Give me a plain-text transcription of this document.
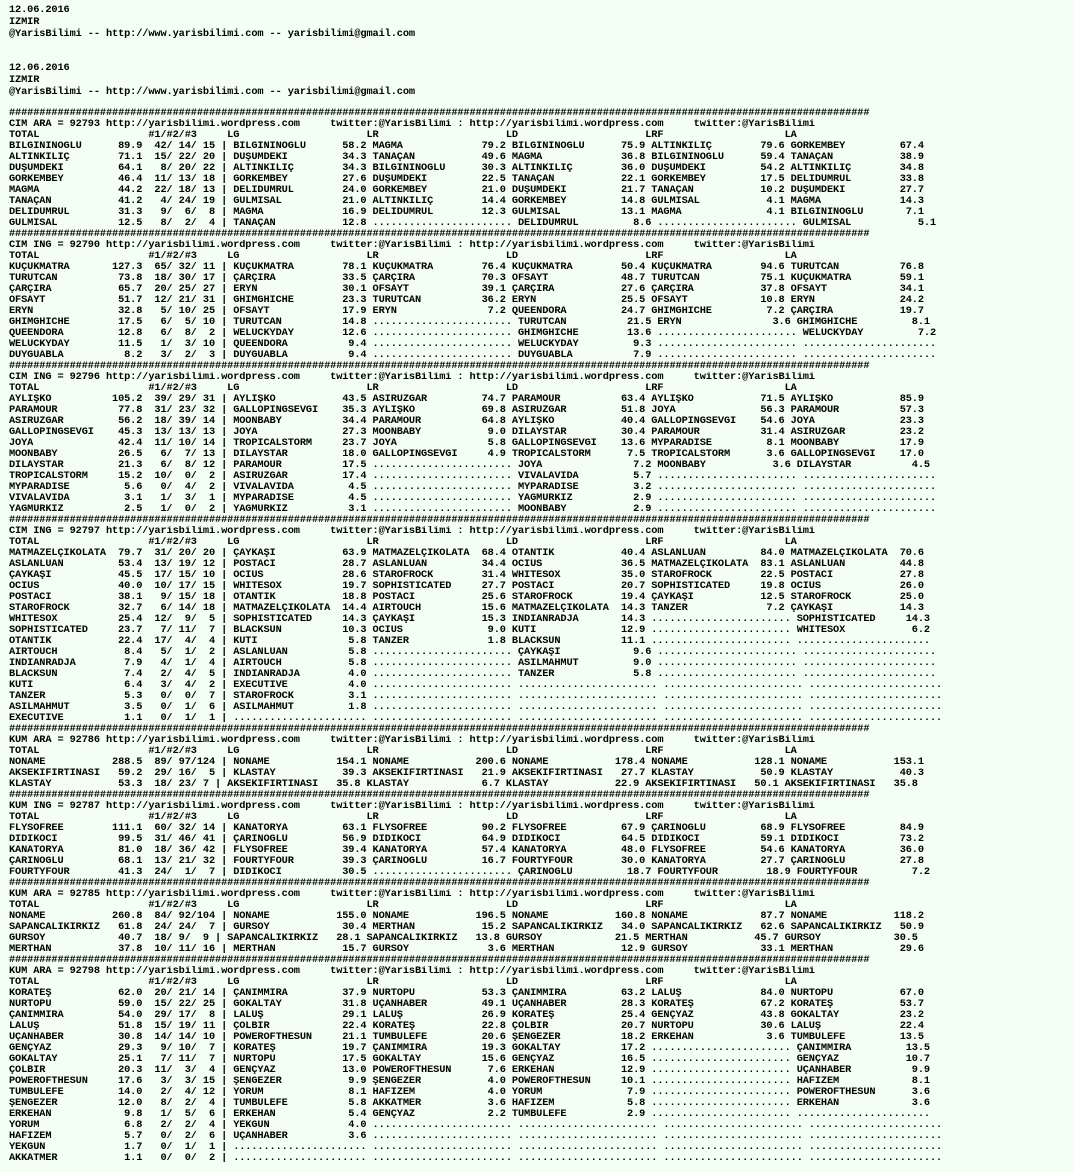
12.06.2016
IZMIR
@YarisBilimi -- http://www.yarisbilimi.com -- yarisbilimi@gmail.com
12.06.2016
IZMIR
@YarisBilimi -- http://www.yarisbilimi.com -- yarisbilimi@gmail.com
##############################################################################################################################################
CIM ARA = 92793 http://yarisbilimi.wordpress.com     twitter:@YarisBilimi : http://yarisbilimi.wordpress.com     twitter:@YarisBilimi
TOTAL                  #1/#2/#3     LG                     LR                     LD                     LRF                    LA
BILGININOĞLU      89.9  42/ 14/ 15 | BILGININOĞLU      58.2 MAGMA             79.2 BILGININOĞLU      75.9 ALTINKILIÇ        79.6 GÖRKEMBEY         67.4
ALTINKILIÇ        71.1  15/ 22/ 20 | DÜŞÜMDEKİ         34.3 TANAÇAN           49.6 MAGMA             36.8 BILGININOĞLU      59.4 TANAÇAN           38.9
DÜŞÜMDEKİ         64.1   8/ 20/ 22 | ALTINKILIÇ        34.3 BILGININOĞLU      30.3 ALTINKILIÇ        36.0 DÜŞÜMDEKİ         54.2 ALTINKILIÇ        34.8
GÖRKEMBEY         46.4  11/ 13/ 18 | GÖRKEMBEY         27.6 DÜŞÜMDEKİ         22.5 TANAÇAN           22.1 GÖRKEMBEY         17.5 DELİDUMRUL        33.8
MAGMA             44.2  22/ 18/ 13 | DELİDUMRUL        24.0 GÖRKEMBEY         21.0 DÜŞÜMDEKİ         21.7 TANAÇAN           10.2 DÜŞÜMDEKİ         27.7
TANAÇAN           41.2   4/ 24/ 19 | GÜLMİSAL          21.0 ALTINKILIÇ        14.4 GÖRKEMBEY         14.8 GÜLMİSAL           4.1 MAGMA             14.3
DELİDUMRUL        31.3   9/  6/  8 | MAGMA             16.9 DELİDUMRUL        12.3 GÜLMİSAL          13.1 MAGMA              4.1 BILGININOĞLU       7.1
GÜLMİSAL          12.5   8/  2/  4 | TANAÇAN           12.8 ....................... DELİDUMRUL         8.6 ....................... GÜLMİSAL           5.1
##############################################################################################################################################
CIM ING = 92790 http://yarisbilimi.wordpress.com     twitter:@YarisBilimi : http://yarisbilimi.wordpress.com     twitter:@YarisBilimi
TOTAL                  #1/#2/#3     LG                     LR                     LD                     LRF                    LA
KÜÇÜKMATRA       127.3  65/ 32/ 11 | KÜÇÜKMATRA        78.1 KÜÇÜKMATRA        76.4 KÜÇÜKMATRA        50.4 KÜÇÜKMATRA        94.6 TÜRÜTCAN          76.8
TÜRÜTCAN          73.8  18/ 30/ 17 | ÇARÇIRA           33.5 ÇARÇIRA           70.3 OFSAYT            48.7 TÜRÜTCAN          75.1 KÜÇÜKMATRA        59.1
ÇARÇIRA           65.7  20/ 25/ 27 | ERYN              30.1 OFSAYT            39.1 ÇARÇIRA           27.6 ÇARÇIRA           37.8 OFSAYT            34.1
OFSAYT            51.7  12/ 21/ 31 | GHIMGHICHE        23.3 TÜRÜTCAN          36.2 ERYN              25.5 OFSAYT            10.8 ERYN              24.2
ERYN              32.8   5/ 10/ 25 | OFSAYT            17.9 ERYN               7.2 QUEENDORA         24.7 GHIMGHICHE         7.2 ÇARÇIRA           19.7
GHIMGHICHE        17.5   6/  5/ 10 | TÜRÜTCAN          14.8 ....................... TÜRÜTCAN          21.5 ERYN               3.6 GHIMGHICHE         8.1
QUEENDORA         12.8   6/  8/  2 | WELUCKYDAY        12.6 ....................... GHIMGHICHE        13.6 ....................... WELUCKYDAY         7.2
WELUCKYDAY        11.5   1/  3/ 10 | QUEENDORA          9.4 ....................... WELUCKYDAY         9.3 ....................... ......................
DUYGUABLA          8.2   3/  2/  3 | DUYGUABLA          9.4 ....................... DUYGUABLA          7.9 ....................... ......................
##############################################################################################################################################
CIM ING = 92796 http://yarisbilimi.wordpress.com     twitter:@YarisBilimi : http://yarisbilimi.wordpress.com     twitter:@YarisBilimi
TOTAL                  #1/#2/#3     LG                     LR                     LD                     LRF                    LA
AYLİŞKO          105.2  39/ 29/ 31 | AYLİŞKO           43.5 ASIRÜZGAR         74.7 PARAMOUR          63.4 AYLİŞKO           71.5 AYLİŞKO           85.9
PARAMOUR          77.8  31/ 23/ 32 | GALLOPINGSEVGI    35.3 AYLİŞKO           69.8 ASIRÜZGAR         51.8 JOYA              56.3 PARAMOUR          57.3
ASIRÜZGAR         56.2  18/ 39/ 14 | MOONBABY          34.4 PARAMOUR          64.8 AYLİŞKO           40.4 GALLOPINGSEVGI    54.6 JOYA              23.3
GALLOPINGSEVGI    45.3  13/ 13/ 13 | JOYA              27.3 MOONBABY           9.0 DILAYSTAR         30.4 PARAMOUR          31.4 ASIRÜZGAR         23.2
JOYA              42.4  11/ 10/ 14 | TROPICALSTORM     23.7 JOYA               5.8 GALLOPINGSEVGI    13.6 MYPARADISE         8.1 MOONBABY          17.9
MOONBABY          26.5   6/  7/ 13 | DILAYSTAR         18.0 GALLOPINGSEVGI     4.9 TROPICALSTORM      7.5 TROPICALSTORM      3.6 GALLOPINGSEVGI    17.0
DILAYSTAR         21.3   6/  8/ 12 | PARAMOUR          17.5 ....................... JOYA               7.2 MOONBABY           3.6 DILAYSTAR          4.5
TROPICALSTORM     15.2  10/  0/  2 | ASIRÜZGAR         17.4 ....................... VIVALAVIDA         5.7 ....................... ......................
MYPARADISE         5.6   0/  4/  2 | VIVALAVIDA         4.5 ....................... MYPARADISE         3.2 ....................... ......................
VIVALAVIDA         3.1   1/  3/  1 | MYPARADISE         4.5 ....................... YAGMURKIZ          2.9 ....................... ......................
YAGMURKIZ          2.5   1/  0/  2 | YAGMURKIZ          3.1 ....................... MOONBABY           2.9 ....................... ......................
##############################################################################################################################################
CIM ING = 92797 http://yarisbilimi.wordpress.com     twitter:@YarisBilimi : http://yarisbilimi.wordpress.com     twitter:@YarisBilimi
TOTAL                  #1/#2/#3     LG                     LR                     LD                     LRF                    LA
MATMAZELÇİKOLATA  79.7  31/ 20/ 20 | ÇAYKAŞI           63.9 MATMAZELÇİKOLATA  68.4 OTANTİK           40.4 ASLANLUAN         84.0 MATMAZELÇİKOLATA  70.6
ASLANLUAN         53.4  13/ 19/ 12 | POSTACI           28.7 ASLANLUAN         34.4 OCIUS             36.5 MATMAZELÇİKOLATA  83.1 ASLANLUAN         44.8
ÇAYKAŞI           45.5  17/ 15/ 10 | OCIUS             28.6 STAROFROCK        31.4 WHITESOX          35.0 STAROFROCK        22.5 POSTACI           27.8
OCIUS             40.0  10/ 17/ 15 | WHITESOX          19.7 SOPHISTICATED     27.7 POSTACI           20.7 SOPHISTICATED     19.8 OCIUS             26.0
POSTACI           38.1   9/ 15/ 18 | OTANTİK           18.8 POSTACI           25.6 STAROFROCK        19.4 ÇAYKAŞI           12.5 STAROFROCK        25.0
STAROFROCK        32.7   6/ 14/ 18 | MATMAZELÇİKOLATA  14.4 AIRTOUCH          15.6 MATMAZELÇİKOLATA  14.3 TANZER             7.2 ÇAYKAŞI           14.3
WHITESOX          25.4  12/  9/  5 | SOPHISTICATED     14.3 ÇAYKAŞI           15.3 INDIANRADJA       14.3 ....................... SOPHISTICATED     14.3
SOPHISTICATED     23.7   7/ 11/  7 | BLACKSUN          10.3 OCIUS              9.0 KUTI              12.9 ....................... WHITESOX           6.2
OTANTİK           22.4  17/  4/  4 | KUTI               5.8 TANZER             1.8 BLACKSUN          11.1 ....................... ......................
AIRTOUCH           8.4   5/  1/  2 | ASLANLUAN          5.8 ....................... ÇAYKAŞI            9.6 ....................... ......................
INDIANRADJA        7.9   4/  1/  4 | AIRTOUCH           5.8 ....................... ASILMAHMUT         9.0 ....................... ......................
BLACKSUN           7.4   2/  4/  5 | INDIANRADJA        4.0 ....................... TANZER             5.8 ....................... ......................
KUTI               6.4   3/  4/  2 | EXECUTIVE          4.0 ....................... ....................... ....................... ......................
TANZER             5.3   0/  0/  7 | STAROFROCK         3.1 ....................... ....................... ....................... ......................
ASILMAHMUT         3.5   0/  1/  6 | ASILMAHMUT         1.8 ....................... ....................... ....................... ......................
EXECUTIVE          1.1   0/  1/  1 | ...................... ....................... ....................... ....................... ......................
##############################################################################################################################################
KUM ARA = 92786 http://yarisbilimi.wordpress.com     twitter:@YarisBilimi : http://yarisbilimi.wordpress.com     twitter:@YarisBilimi
TOTAL                  #1/#2/#3     LG                     LR                     LD                     LRF                    LA
NONAME           288.5  89/ 97/124 | NONAME           154.1 NONAME           200.6 NONAME           178.4 NONAME           128.1 NONAME           153.1
AKSEKIFIRTINASI   59.2  29/ 16/  5 | KLASTAY           39.3 AKSEKIFIRTINASI   21.9 AKSEKIFIRTINASI   27.7 KLASTAY           50.9 KLASTAY           40.3
KLASTAY           53.3  18/ 23/ 7 | AKSEKIFIRTINASI   35.8 KLASTAY            6.7 KLASTAY           22.9 AKSEKIFIRTINASI   50.1 AKSEKIFIRTINASI   35.8
##############################################################################################################################################
KUM ING = 92787 http://yarisbilimi.wordpress.com     twitter:@YarisBilimi : http://yarisbilimi.wordpress.com     twitter:@YarisBilimi
TOTAL                  #1/#2/#3     LG                     LR                     LD                     LRF                    LA
FLYSOFREE        111.1  60/ 32/ 14 | KANATORYA         63.1 FLYSOFREE         90.2 FLYSOFREE         67.9 ÇARINOĞLU         68.9 FLYSOFREE         84.9
DİDİKOCİ          99.5  31/ 46/ 41 | ÇARINOĞLU         56.9 DİDİKOCİ          64.9 DİDİKOCİ          64.5 DİDİKOCİ          59.1 DİDİKOCİ          73.2
KANATORYA         81.0  18/ 36/ 42 | FLYSOFREE         39.4 KANATORYA         57.4 KANATORYA         48.0 FLYSOFREE         54.6 KANATORYA         36.0
ÇARINOĞLU         68.1  13/ 21/ 32 | FOURTYFOUR        39.3 ÇARINOĞLU         16.7 FOURTYFOUR        30.0 KANATORYA         27.7 ÇARINOĞLU         27.8
FOURTYFOUR        41.3  24/  1/  7 | DİDİKOCİ          30.5 ....................... ÇARINOĞLU         18.7 FOURTYFOUR        18.9 FOURTYFOUR         7.2
##############################################################################################################################################
KUM ARA = 92785 http://yarisbilimi.wordpress.com     twitter:@YarisBilimi : http://yarisbilimi.wordpress.com     twitter:@YarisBilimi
TOTAL                  #1/#2/#3     LG                     LR                     LD                     LRF                    LA
NONAME           260.8  84/ 92/104 | NONAME           155.0 NONAME           196.5 NONAME           160.8 NONAME            87.7 NONAME           118.2
SAPANCALIKIRKIZ   61.8  24/ 24/  7 | GÜRSOY            30.4 MERTHAN           15.2 SAPANCALIKIRKIZ   34.0 SAPANCALIKIRKIZ   62.6 SAPANCALIKIRKIZ   50.9
GÜRSOY            40.7  18/ 9/  9 | SAPANCALIKIRKIZ   28.1 SAPANCALIKIRKIZ   13.8 GÜRSOY            21.5 MERTHAN           45.7 GÜRSOY            30.5
MERTHAN           37.8  10/ 11/ 16 | MERTHAN           15.7 GÜRSOY             3.6 MERTHAN           12.9 GÜRSOY            33.1 MERTHAN           29.6
##############################################################################################################################################
KUM ARA = 92798 http://yarisbilimi.wordpress.com     twitter:@YarisBilimi : http://yarisbilimi.wordpress.com     twitter:@YarisBilimi
TOTAL                  #1/#2/#3     LG                     LR                     LD                     LRF                    LA
KORATEŞ           62.0  20/ 21/ 14 | ÇANIMMİRA         37.9 NURTOPU           53.3 ÇANIMMİRA         63.2 LALUŞ             84.0 NURTOPU           67.0
NURTOPU           59.0  15/ 22/ 25 | GÖKALTAY          31.8 UÇANHABER         49.1 UÇANHABER         28.3 KORATEŞ           67.2 KORATEŞ           53.7
ÇANIMMİRA         54.0  29/ 17/  8 | LALUŞ             29.1 LALUŞ             26.9 KORATEŞ           25.4 GENÇYAZ           43.8 GÖKALTAY          23.2
LALUŞ             51.8  15/ 19/ 11 | ÇOLBİR            22.4 KORATEŞ           22.8 ÇOLBİR            20.7 NURTOPU           30.6 LALUŞ             22.4
UÇANHABER         30.8  14/ 14/ 10 | POWEROFTHESUN     21.1 TUMBULEFE         20.6 ŞENGEZER          18.2 ERKEHAN            3.6 TUMBULEFE         13.5
GENÇYAZ           29.3   9/ 10/  7 | KORATEŞ           19.7 ÇANIMMİRA         19.3 GÖKALTAY          17.2 ....................... ÇANIMMİRA         13.5
GÖKALTAY          25.1   7/ 11/  7 | NURTOPU           17.5 GÖKALTAY          15.6 GENÇYAZ           16.5 ....................... GENÇYAZ           10.7
ÇOLBİR            20.3  11/  3/  4 | GENÇYAZ           13.0 POWEROFTHESUN      7.6 ERKEHAN           12.9 ....................... UÇANHABER          9.9
POWEROFTHESUN     17.6   3/  3/ 15 | ŞENGEZER           9.9 ŞENGEZER           4.0 POWEROFTHESUN     10.1 ....................... HAFİZEM            8.1
TUMBULEFE         14.0   2/  4/ 12 | YORUM              8.1 HAFİZEM            4.0 YORUM              7.9 ....................... POWEROFTHESUN      3.6
ŞENGEZER          12.0   8/  2/  4 | TUMBULEFE          5.8 AKKATMER           3.6 HAFİZEM            5.8 ....................... ERKEHAN            3.6
ERKEHAN            9.8   1/  5/  6 | ERKEHAN            5.4 GENÇYAZ            2.2 TUMBULEFE          2.9 ....................... ......................
YORUM              6.8   2/  2/  4 | YEKGUN             4.0 ....................... ....................... ....................... ......................
HAFİZEM            5.7   0/  2/  6 | UÇANHABER          3.6 ....................... ....................... ....................... ......................
YEKGUN             1.7   0/  1/  1 | ...................... ....................... ....................... ....................... ......................
AKKATMER           1.1   0/  0/  2 | ...................... ....................... ....................... ....................... ......................
